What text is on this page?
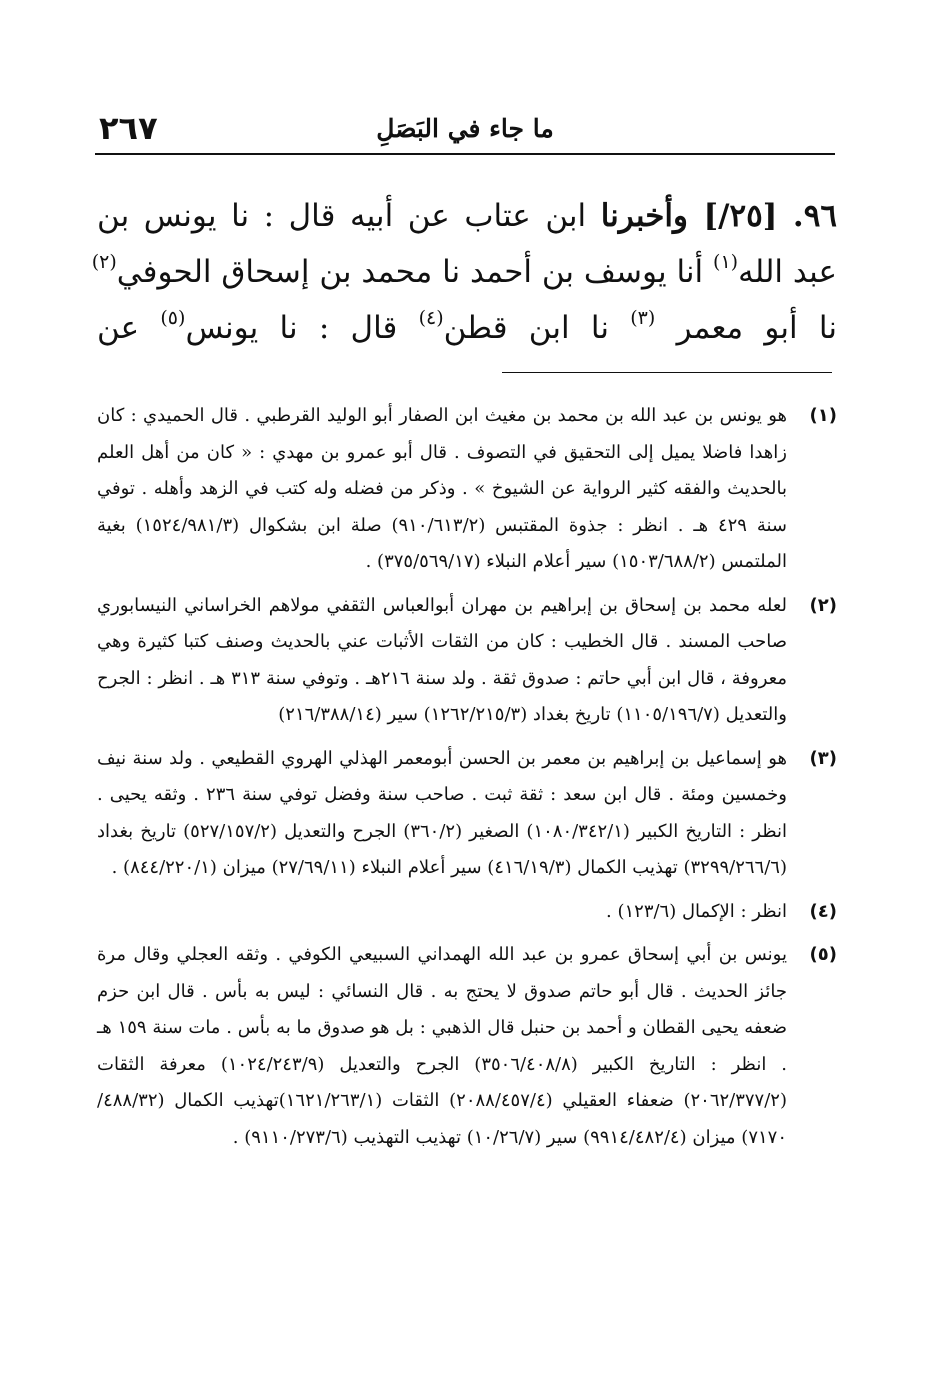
٢٦٧	ما جاء في البَصَلِ
٩٦. [٢٥/] وأخبرنا ابن عتاب عن أبيه قال : نا يونس بن
عبد الله$^{(١)}$ أنا يوسف بن أحمد نا محمد بن إسحاق الحوفي$^{(٢)}$
نا أبو معمر $^{(٣)}$ نا ابن قطن$^{(٤)}$ قال : نا يونس$^{(٥)}$ عن
(١)
هو يونس بن عبد الله بن محمد بن مغيث ابن الصفار أبو الوليد القرطبي . قال الحميدي : كان زاهدا فاضلا يميل إلى التحقيق في التصوف . قال أبو عمرو بن مهدي : « كان من أهل العلم بالحديث والفقه كثير الرواية عن الشيوخ » . وذكر من فضله وله كتب في الزهد وأهله . توفي سنة ٤٢٩ هـ . انظر : جذوة المقتبس (٩١٠/٦١٣/٢) صلة ابن بشكوال (١٥٢٤/٩٨١/٣) بغية الملتمس (١٥٠٣/٦٨٨/٢) سير أعلام النبلاء (٣٧٥/٥٦٩/١٧) .
(٢)
لعله محمد بن إسحاق بن إبراهيم بن مهران أبوالعباس الثقفي مولاهم الخراساني النيسابوري صاحب المسند . قال الخطيب : كان من الثقات الأثبات عني بالحديث وصنف كتبا كثيرة وهي معروفة ، قال ابن أبي حاتم : صدوق ثقة . ولد سنة ٢١٦هـ . وتوفي سنة ٣١٣ هـ . انظر : الجرح والتعديل (١١٠٥/١٩٦/٧) تاريخ بغداد (١٢٦٢/٢١٥/٣) سير (٢١٦/٣٨٨/١٤)
(٣)
هو إسماعيل بن إبراهيم بن معمر بن الحسن أبومعمر الهذلي الهروي القطيعي . ولد سنة نيف وخمسين ومئة . قال ابن سعد : ثقة ثبت . صاحب سنة وفضل توفي سنة ٢٣٦ . وثقه يحيى . انظر : التاريخ الكبير (١٠٨٠/٣٤٢/١) الصغير (٣٦٠/٢) الجرح والتعديل (٥٢٧/١٥٧/٢) تاريخ بغداد (٣٢٩٩/٢٦٦/٦) تهذيب الكمال (٤١٦/١٩/٣) سير أعلام النبلاء (٢٧/٦٩/١١) ميزان (٨٤٤/٢٢٠/١) .
(٤)
انظر : الإكمال (١٢٣/٦) .
(٥)
يونس بن أبي إسحاق عمرو بن عبد الله الهمداني السبيعي الكوفي . وثقه العجلي وقال مرة جائز الحديث . قال أبو حاتم صدوق لا يحتج به . قال النسائي : ليس به بأس . قال ابن حزم ضعفه يحيى القطان و أحمد بن حنبل قال الذهبي : بل هو صدوق ما به بأس . مات سنة ١٥٩ هـ . انظر : التاريخ الكبير (٣٥٠٦/٤٠٨/٨) الجرح والتعديل (١٠٢٤/٢٤٣/٩) معرفة الثقات (٢٠٦٢/٣٧٧/٢) ضعفاء العقيلي (٢٠٨٨/٤٥٧/٤) الثقات (١٦٢١/٢٦٣/١)تهذيب الكمال (٤٨٨/٣٢/ ٧١٧٠) ميزان (٩٩١٤/٤٨٢/٤) سير (١٠/٢٦/٧) تهذيب التهذيب (٩١١٠/٢٧٣/٦) .
